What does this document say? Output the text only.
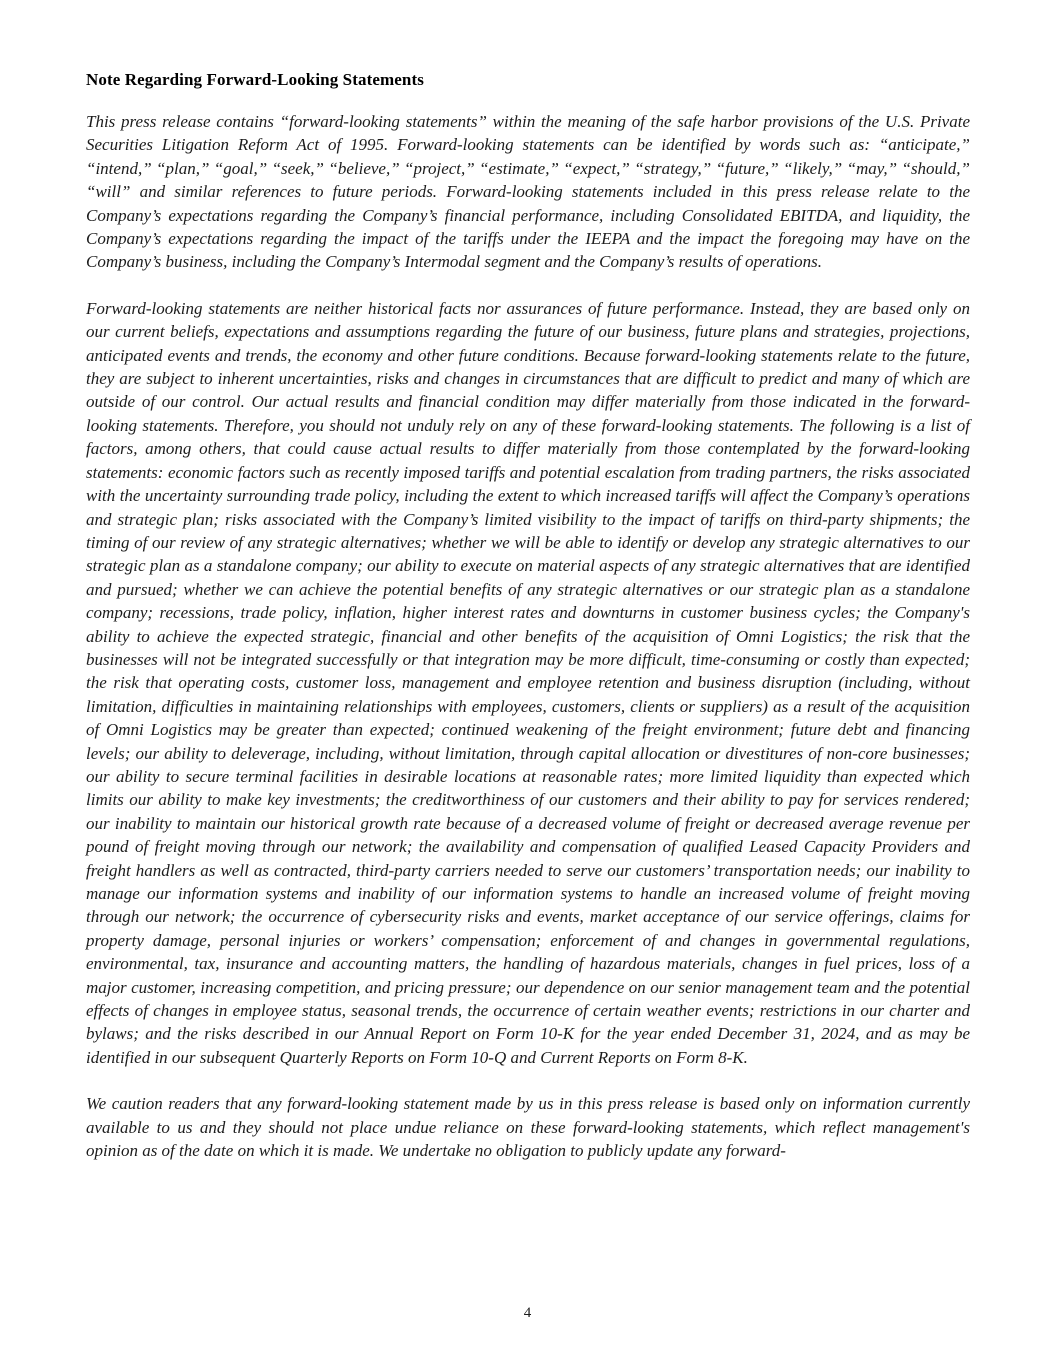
Note Regarding Forward-Looking Statements

This press release contains “forward-looking statements” within the meaning of the safe harbor provisions of the U.S. Private Securities Litigation Reform Act of 1995. Forward-looking statements can be identified by words such as: “anticipate,” “intend,” “plan,” “goal,” “seek,” “believe,” “project,” “estimate,” “expect,” “strategy,” “future,” “likely,” “may,” “should,” “will” and similar references to future periods. Forward-looking statements included in this press release relate to the Company’s expectations regarding the Company’s financial performance, including Consolidated EBITDA, and liquidity, the Company’s expectations regarding the impact of the tariffs under the IEEPA and the impact the foregoing may have on the Company’s business, including the Company’s Intermodal segment and the Company’s results of operations.

Forward-looking statements are neither historical facts nor assurances of future performance. Instead, they are based only on our current beliefs, expectations and assumptions regarding the future of our business, future plans and strategies, projections, anticipated events and trends, the economy and other future conditions. Because forward-looking statements relate to the future, they are subject to inherent uncertainties, risks and changes in circumstances that are difficult to predict and many of which are outside of our control. Our actual results and financial condition may differ materially from those indicated in the forward-looking statements. Therefore, you should not unduly rely on any of these forward-looking statements. The following is a list of factors, among others, that could cause actual results to differ materially from those contemplated by the forward-looking statements: economic factors such as recently imposed tariffs and potential escalation from trading partners, the risks associated with the uncertainty surrounding trade policy, including the extent to which increased tariffs will affect the Company’s operations and strategic plan; risks associated with the Company’s limited visibility to the impact of tariffs on third-party shipments; the timing of our review of any strategic alternatives; whether we will be able to identify or develop any strategic alternatives to our strategic plan as a standalone company; our ability to execute on material aspects of any strategic alternatives that are identified and pursued; whether we can achieve the potential benefits of any strategic alternatives or our strategic plan as a standalone company; recessions, trade policy, inflation, higher interest rates and downturns in customer business cycles; the Company's ability to achieve the expected strategic, financial and other benefits of the acquisition of Omni Logistics; the risk that the businesses will not be integrated successfully or that integration may be more difficult, time-consuming or costly than expected; the risk that operating costs, customer loss, management and employee retention and business disruption (including, without limitation, difficulties in maintaining relationships with employees, customers, clients or suppliers) as a result of the acquisition of Omni Logistics may be greater than expected; continued weakening of the freight environment; future debt and financing levels; our ability to deleverage, including, without limitation, through capital allocation or divestitures of non-core businesses; our ability to secure terminal facilities in desirable locations at reasonable rates; more limited liquidity than expected which limits our ability to make key investments; the creditworthiness of our customers and their ability to pay for services rendered; our inability to maintain our historical growth rate because of a decreased volume of freight or decreased average revenue per pound of freight moving through our network; the availability and compensation of qualified Leased Capacity Providers and freight handlers as well as contracted, third-party carriers needed to serve our customers’ transportation needs; our inability to manage our information systems and inability of our information systems to handle an increased volume of freight moving through our network; the occurrence of cybersecurity risks and events, market acceptance of our service offerings, claims for property damage, personal injuries or workers’ compensation; enforcement of and changes in governmental regulations, environmental, tax, insurance and accounting matters, the handling of hazardous materials, changes in fuel prices, loss of a major customer, increasing competition, and pricing pressure; our dependence on our senior management team and the potential effects of changes in employee status, seasonal trends, the occurrence of certain weather events; restrictions in our charter and bylaws; and the risks described in our Annual Report on Form 10-K for the year ended December 31, 2024, and as may be identified in our subsequent Quarterly Reports on Form 10-Q and Current Reports on Form 8-K.

We caution readers that any forward-looking statement made by us in this press release is based only on information currently available to us and they should not place undue reliance on these forward-looking statements, which reflect management's opinion as of the date on which it is made. We undertake no obligation to publicly update any forward-

4
